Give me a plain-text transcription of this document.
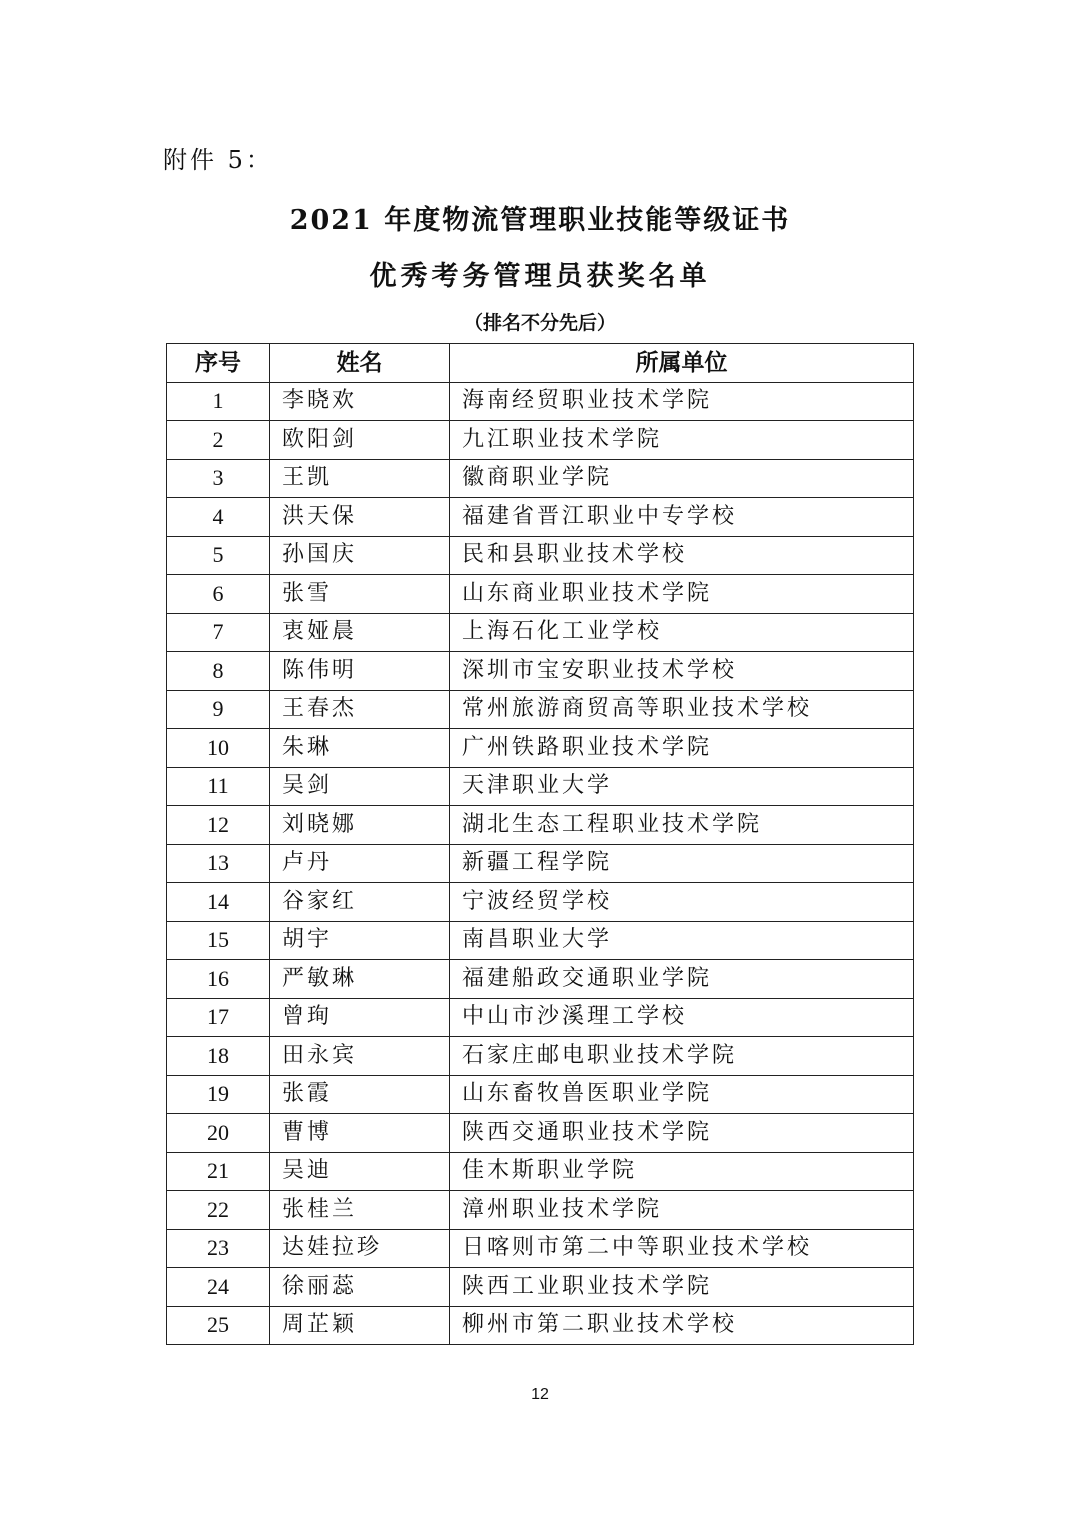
附件 5：
2021 年度物流管理职业技能等级证书
优秀考务管理员获奖名单
（排名不分先后）
序号	姓名	所属单位
1	李晓欢	海南经贸职业技术学院
2	欧阳剑	九江职业技术学院
3	王凯	徽商职业学院
4	洪天保	福建省晋江职业中专学校
5	孙国庆	民和县职业技术学校
6	张雪	山东商业职业技术学院
7	衷娅晨	上海石化工业学校
8	陈伟明	深圳市宝安职业技术学校
9	王春杰	常州旅游商贸高等职业技术学校
10	朱琳	广州铁路职业技术学院
11	吴剑	天津职业大学
12	刘晓娜	湖北生态工程职业技术学院
13	卢丹	新疆工程学院
14	谷家红	宁波经贸学校
15	胡宇	南昌职业大学
16	严敏琳	福建船政交通职业学院
17	曾珣	中山市沙溪理工学校
18	田永宾	石家庄邮电职业技术学院
19	张霞	山东畜牧兽医职业学院
20	曹博	陕西交通职业技术学院
21	吴迪	佳木斯职业学院
22	张桂兰	漳州职业技术学院
23	达娃拉珍	日喀则市第二中等职业技术学校
24	徐丽蕊	陕西工业职业技术学院
25	周芷颖	柳州市第二职业技术学校
12
